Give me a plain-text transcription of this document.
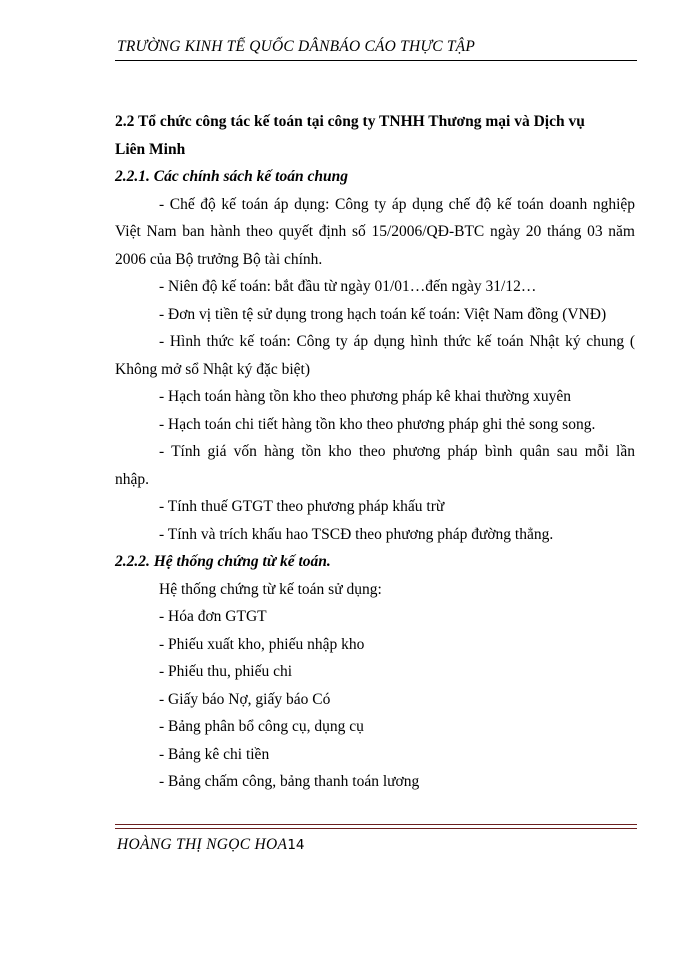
TRƯỜNG KINH TẾ QUỐC DÂNBÁO CÁO THỰC TẬP
2.2 Tổ chức công tác kế toán tại công ty TNHH Thương mại và Dịch vụ
Liên Minh
2.2.1. Các chính sách kế toán chung
- Chế độ kế toán áp dụng: Công ty áp dụng chế độ kế toán doanh nghiệp
Việt Nam ban hành theo quyết định số 15/2006/QĐ-BTC ngày 20 tháng 03 năm
2006 của Bộ trưởng Bộ tài chính.
- Niên độ kế toán: bắt đầu từ ngày 01/01…đến ngày 31/12…
- Đơn vị tiền tệ sử dụng trong hạch toán kế toán: Việt Nam đồng (VNĐ)
- Hình thức kế toán: Công ty áp dụng hình thức kế toán Nhật ký chung (
Không mở sổ Nhật ký đặc biệt)
- Hạch toán hàng tồn kho theo phương pháp kê khai thường xuyên
- Hạch toán chi tiết hàng tồn kho theo phương pháp ghi thẻ song song.
- Tính giá vốn hàng tồn kho theo phương pháp bình quân sau mỗi lần
nhập.
- Tính thuế GTGT theo phương pháp khấu trừ
- Tính và trích khấu hao TSCĐ theo phương pháp đường thẳng.
2.2.2. Hệ thống chứng từ kế toán.
Hệ thống chứng từ kế toán sử dụng:
- Hóa đơn GTGT
- Phiếu xuất kho, phiếu nhập kho
- Phiếu thu, phiếu chi
- Giấy báo Nợ, giấy báo Có
- Bảng phân bổ công cụ, dụng cụ
- Bảng kê chi tiền
- Bảng chấm công, bảng thanh toán lương
HOÀNG THỊ NGỌC HOA14
